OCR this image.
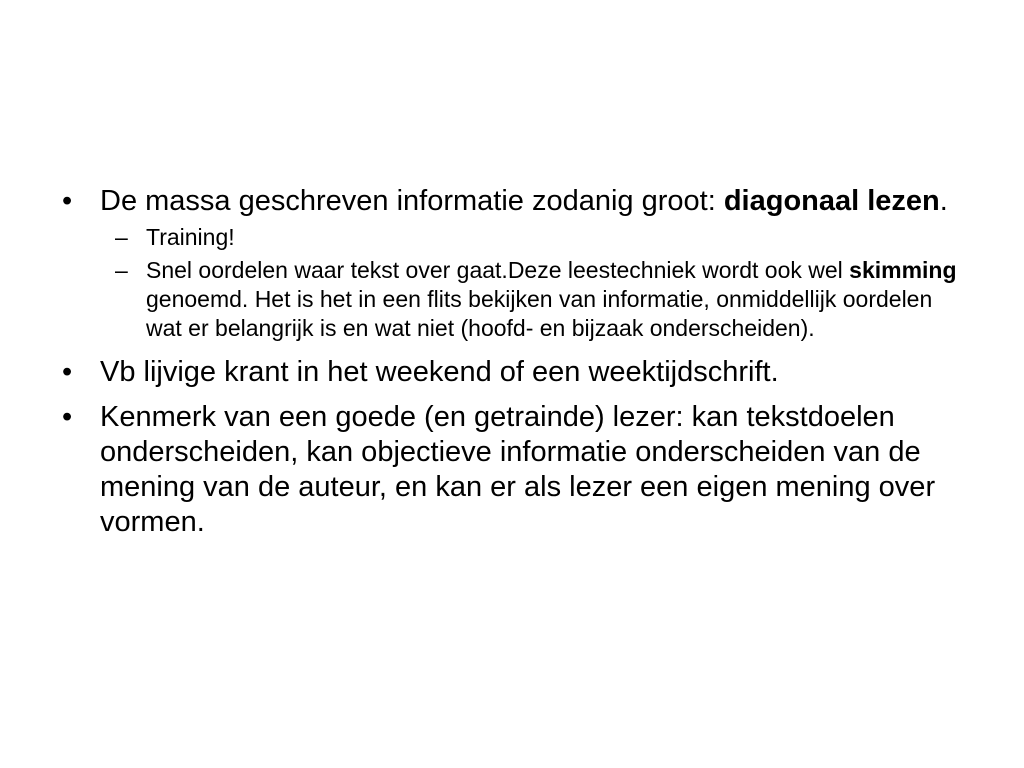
• De massa geschreven informatie zodanig groot: diagonaal lezen.
– Training!
– Snel oordelen waar tekst over gaat.Deze leestechniek wordt ook wel skimming genoemd. Het is het in een flits bekijken van informatie, onmiddellijk oordelen wat er belangrijk is en wat niet (hoofd- en bijzaak onderscheiden).
• Vb lijvige krant in het weekend of een weektijdschrift.
• Kenmerk van een goede (en getrainde) lezer: kan tekstdoelen onderscheiden, kan objectieve informatie onderscheiden van de mening van de auteur, en kan er als lezer een eigen mening over vormen.
